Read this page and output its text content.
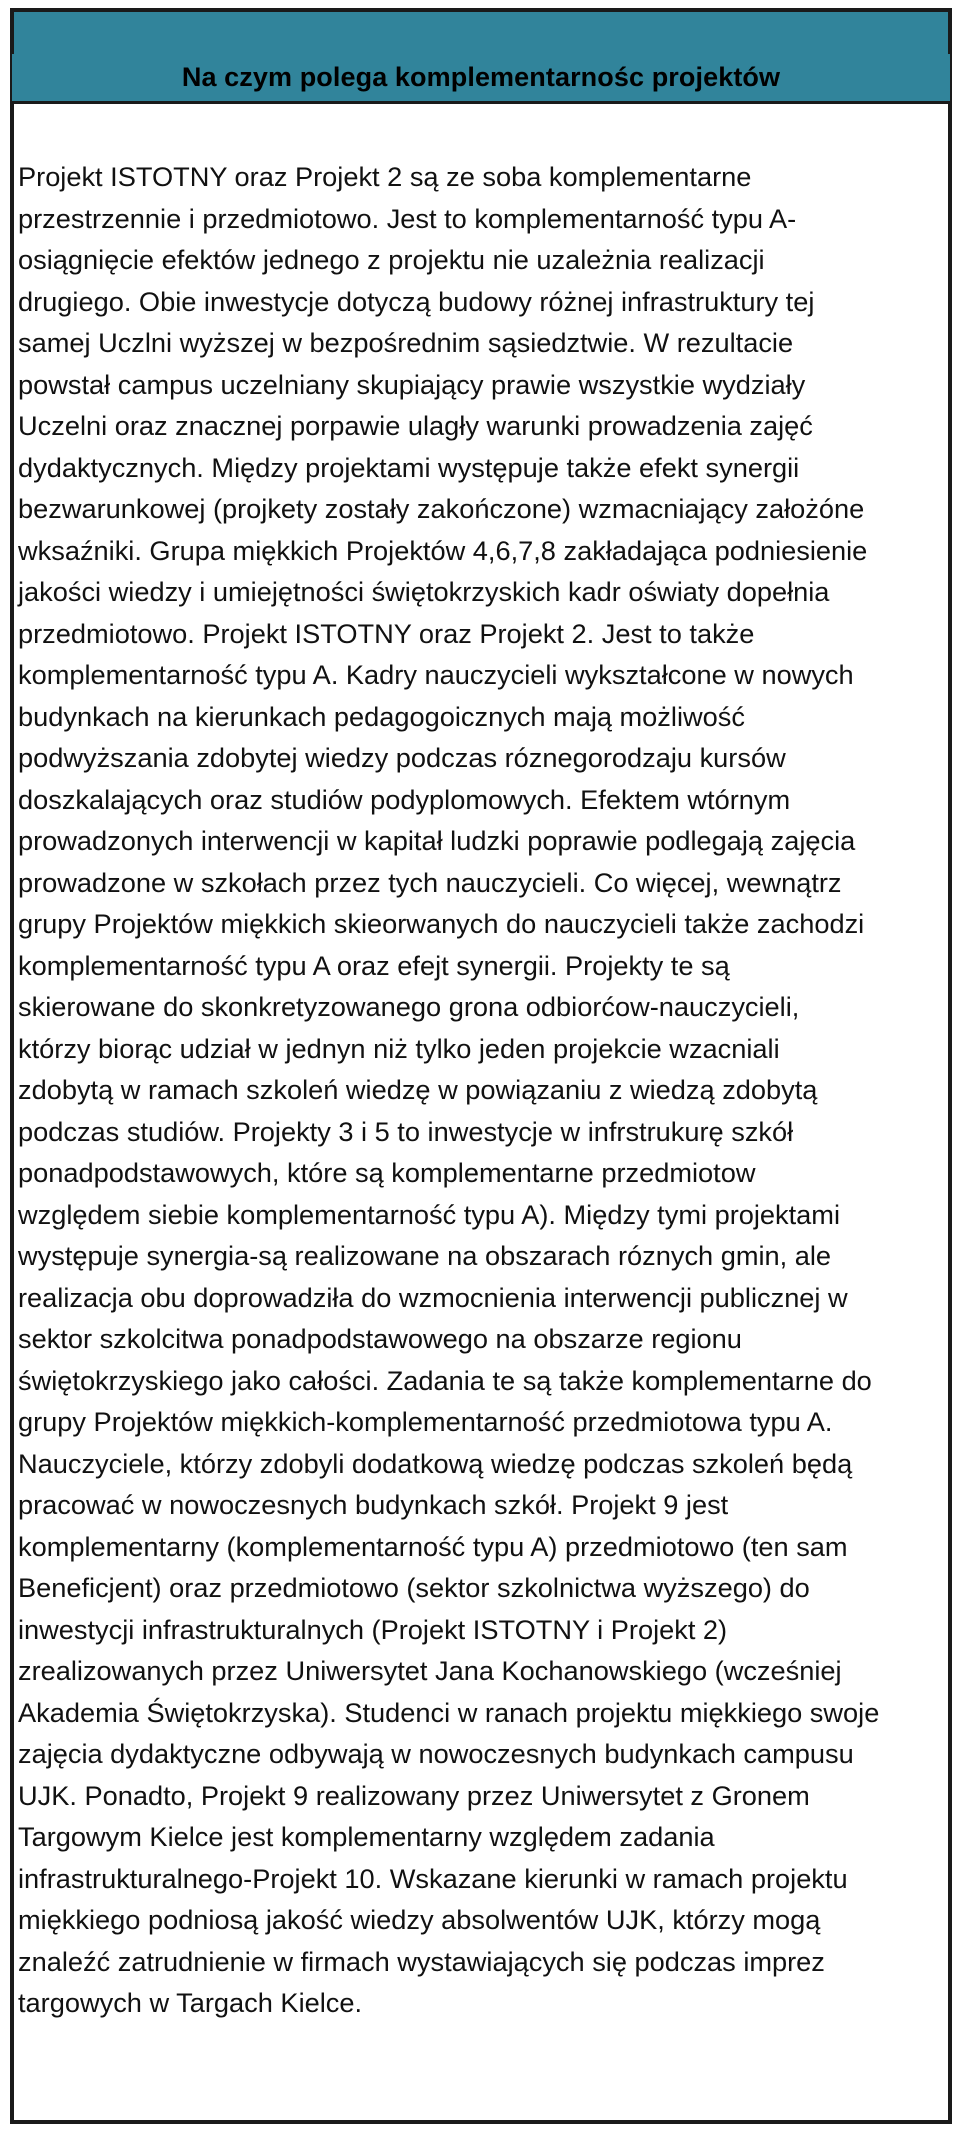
Na czym polega komplementarnośc projektów

Projekt ISTOTNY oraz Projekt 2 są ze soba komplementarne
przestrzennie i przedmiotowo. Jest to komplementarność typu A-
osiągnięcie efektów jednego z projektu nie uzależnia realizacji
drugiego. Obie inwestycje dotyczą budowy różnej infrastruktury tej
samej Uczlni wyższej w bezpośrednim sąsiedztwie. W rezultacie
powstał campus uczelniany skupiający prawie wszystkie wydziały
Uczelni oraz znacznej porpawie ulagły warunki prowadzenia zajęć
dydaktycznych. Między projektami występuje także efekt synergii
bezwarunkowej (projkety zostały zakończone) wzmacniający założóne
wksaźniki. Grupa miękkich Projektów 4,6,7,8 zakładająca podniesienie
jakości wiedzy i umiejętności świętokrzyskich kadr oświaty dopełnia
przedmiotowo. Projekt ISTOTNY oraz Projekt 2. Jest to także
komplementarność typu A. Kadry nauczycieli wykształcone w nowych
budynkach na kierunkach pedagogoicznych mają możliwość
podwyższania zdobytej wiedzy podczas róznegorodzaju kursów
doszkalających oraz studiów podyplomowych. Efektem wtórnym
prowadzonych interwencji w kapitał ludzki poprawie podlegają zajęcia
prowadzone w szkołach przez tych nauczycieli. Co więcej, wewnątrz
grupy Projektów miękkich skieorwanych do nauczycieli także zachodzi
komplementarność typu A oraz efejt synergii. Projekty te są
skierowane do skonkretyzowanego grona odbiorćow-nauczycieli,
którzy biorąc udział w jednyn niż tylko jeden projekcie wzacniali
zdobytą w ramach szkoleń wiedzę w powiązaniu z wiedzą zdobytą
podczas studiów. Projekty 3 i 5 to inwestycje w infrstrukurę szkół
ponadpodstawowych, które są komplementarne przedmiotow
względem siebie komplementarność typu A). Między tymi projektami
występuje synergia-są realizowane na obszarach róznych gmin, ale
realizacja obu doprowadziła do wzmocnienia interwencji publicznej w
sektor szkolcitwa ponadpodstawowego na obszarze regionu
świętokrzyskiego jako całości. Zadania te są także komplementarne do
grupy Projektów miękkich-komplementarność przedmiotowa typu A.
Nauczyciele, którzy zdobyli dodatkową wiedzę podczas szkoleń będą
pracować w nowoczesnych budynkach szkół. Projekt 9 jest
komplementarny (komplementarność typu A) przedmiotowo (ten sam
Beneficjent) oraz przedmiotowo (sektor szkolnictwa wyższego) do
inwestycji infrastrukturalnych (Projekt ISTOTNY i Projekt 2)
zrealizowanych przez Uniwersytet Jana Kochanowskiego (wcześniej
Akademia Świętokrzyska). Studenci w ranach projektu miękkiego swoje
zajęcia dydaktyczne odbywają w nowoczesnych budynkach campusu
UJK. Ponadto, Projekt 9 realizowany przez Uniwersytet z Gronem
Targowym Kielce jest komplementarny względem zadania
infrastrukturalnego-Projekt 10. Wskazane kierunki w ramach projektu
miękkiego podniosą jakość wiedzy absolwentów UJK, którzy mogą
znaleźć zatrudnienie w firmach wystawiających się podczas imprez
targowych w Targach Kielce.
